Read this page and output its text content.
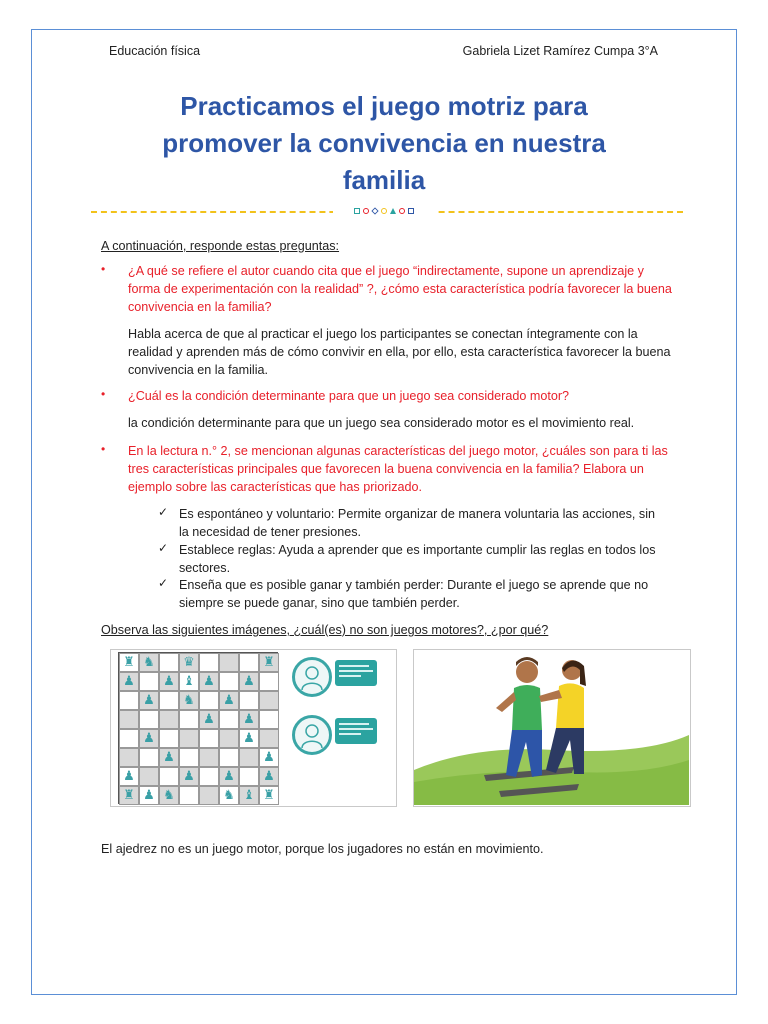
Educación física	Gabriela Lizet Ramírez Cumpa 3°A
Practicamos el juego motriz para
promover la convivencia en nuestra
familia
A continuación, responde estas preguntas:
• ¿A qué se refiere el autor cuando cita que el juego “indirectamente, supone un aprendizaje y forma de experimentación con la realidad” ?, ¿cómo esta característica podría favorecer la buena convivencia en la familia?
Habla acerca de que al practicar el juego los participantes se conectan íntegramente con la realidad y aprenden más de cómo convivir en ella, por ello, esta característica favorecer la buena convivencia en la familia.
• ¿Cuál es la condición determinante para que un juego sea considerado motor?
la condición determinante para que un juego sea considerado motor es el movimiento real.
• En la lectura n.° 2, se mencionan algunas características del juego motor, ¿cuáles son para ti las tres características principales que favorecen la buena convivencia en la familia? Elabora un ejemplo sobre las características que has priorizado.
✓ Es espontáneo y voluntario: Permite organizar de manera voluntaria las acciones, sin la necesidad de tener presiones.
✓ Establece reglas: Ayuda a aprender que es importante cumplir las reglas en todos los sectores.
✓ Enseña que es posible ganar y también perder: Durante el juego se aprende que no siempre se puede ganar, sino que también perder.
Observa las siguientes imágenes, ¿cuál(es) no son juegos motores?, ¿por qué?
♜ ♞ ♛	♜
♟ ♟ ♝ ♟ ♟
♟ ♞ ♟
♟ ♟
♟	♟
♟	♟
♟	♟ ♟ ♟
♜ ♟ ♞	♞ ♝ ♜
El ajedrez no es un juego motor, porque los jugadores no están en movimiento.
